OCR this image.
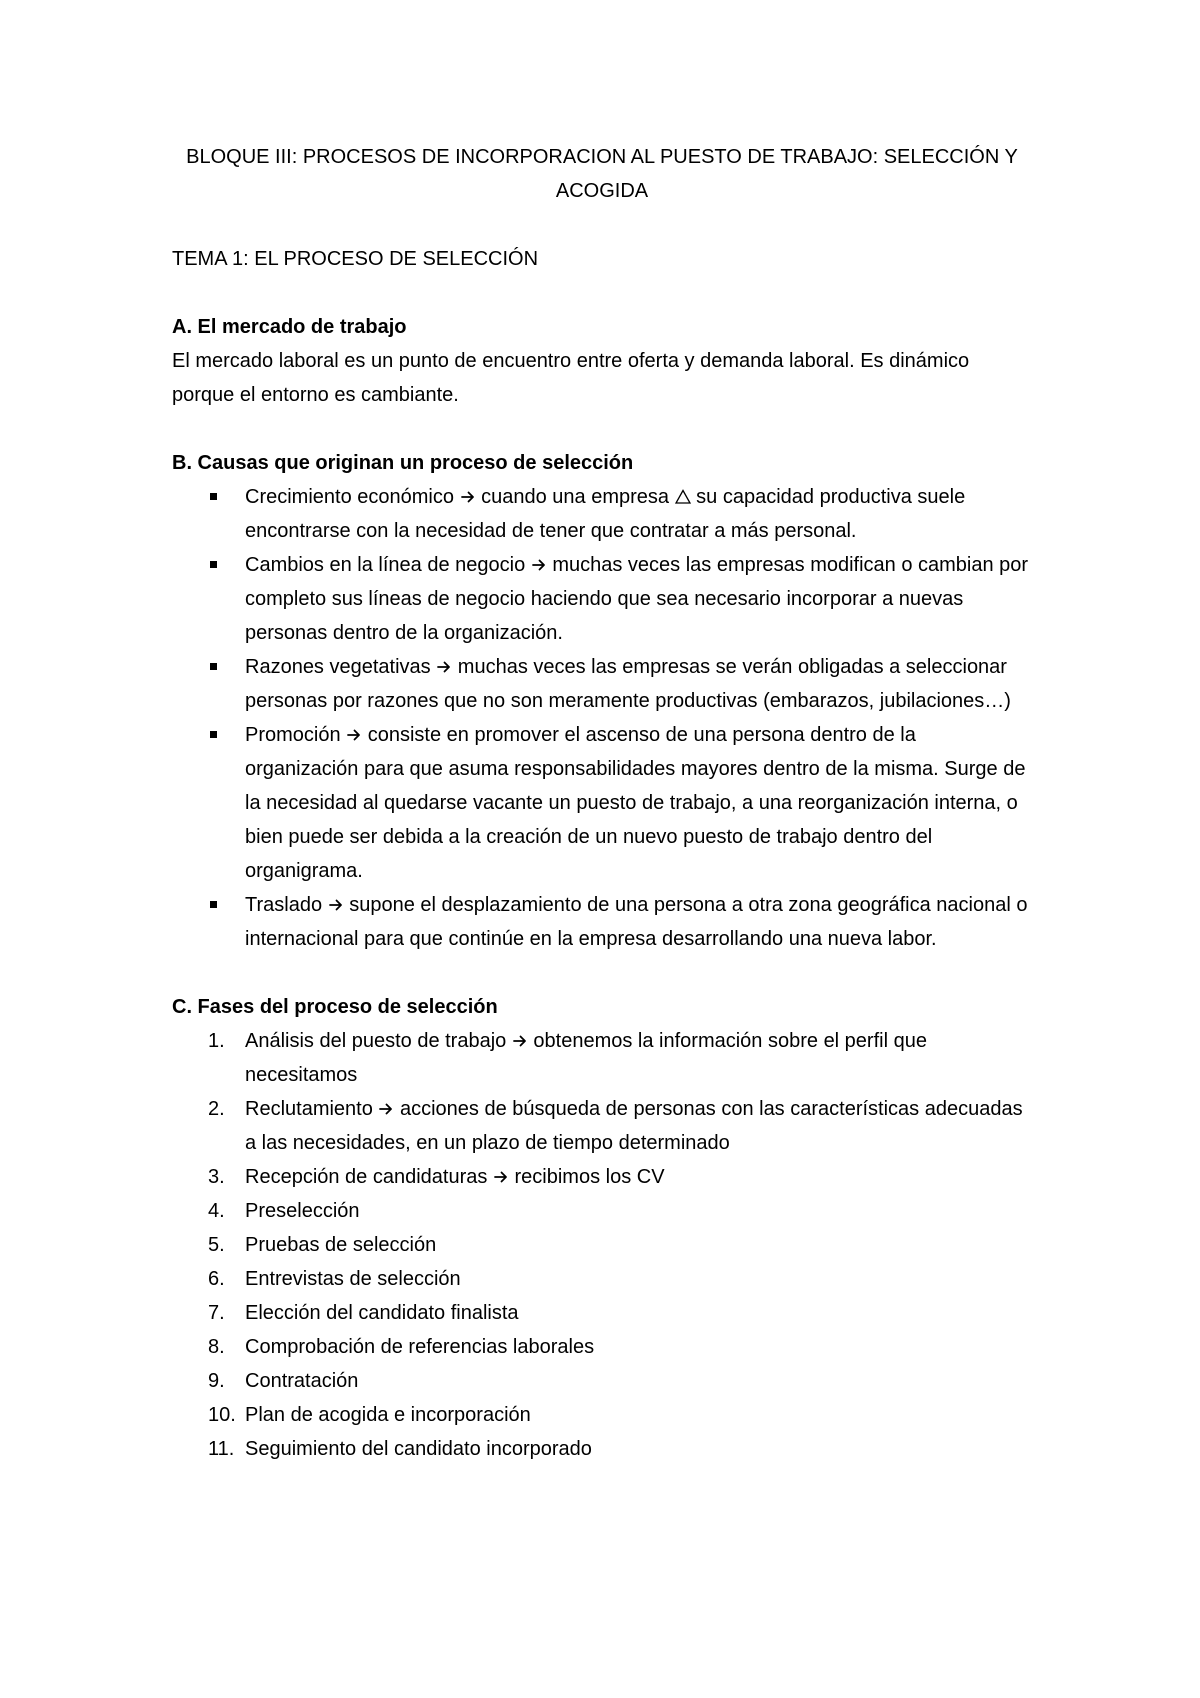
BLOQUE III: PROCESOS DE INCORPORACION AL PUESTO DE TRABAJO: SELECCIÓN Y
ACOGIDA
TEMA 1: EL PROCESO DE SELECCIÓN
A. El mercado de trabajo

El mercado laboral es un punto de encuentro entre oferta y demanda laboral. Es dinámico porque el entorno es cambiante.

B. Causas que originan un proceso de selección
Crecimiento económico cuando una empresa su capacidad productiva suele encontrarse con la necesidad de tener que contratar a más personal.
Cambios en la línea de negocio muchas veces las empresas modifican o cambian por completo sus líneas de negocio haciendo que sea necesario incorporar a nuevas personas dentro de la organización.
Razones vegetativas muchas veces las empresas se verán obligadas a seleccionar personas por razones que no son meramente productivas (embarazos, jubilaciones…)
Promoción consiste en promover el ascenso de una persona dentro de la organización para que asuma responsabilidades mayores dentro de la misma. Surge de la necesidad al quedarse vacante un puesto de trabajo, a una reorganización interna, o bien puede ser debida a la creación de un nuevo puesto de trabajo dentro del organigrama.
Traslado supone el desplazamiento de una persona a otra zona geográfica nacional o internacional para que continúe en la empresa desarrollando una nueva labor.
C. Fases del proceso de selección
1. Análisis del puesto de trabajo obtenemos la información sobre el perfil que necesitamos
2. Reclutamiento acciones de búsqueda de personas con las características adecuadas a las necesidades, en un plazo de tiempo determinado
3. Recepción de candidaturas recibimos los CV
4. Preselección
5. Pruebas de selección
6. Entrevistas de selección
7. Elección del candidato finalista
8. Comprobación de referencias laborales
9. Contratación
10. Plan de acogida e incorporación
11. Seguimiento del candidato incorporado
